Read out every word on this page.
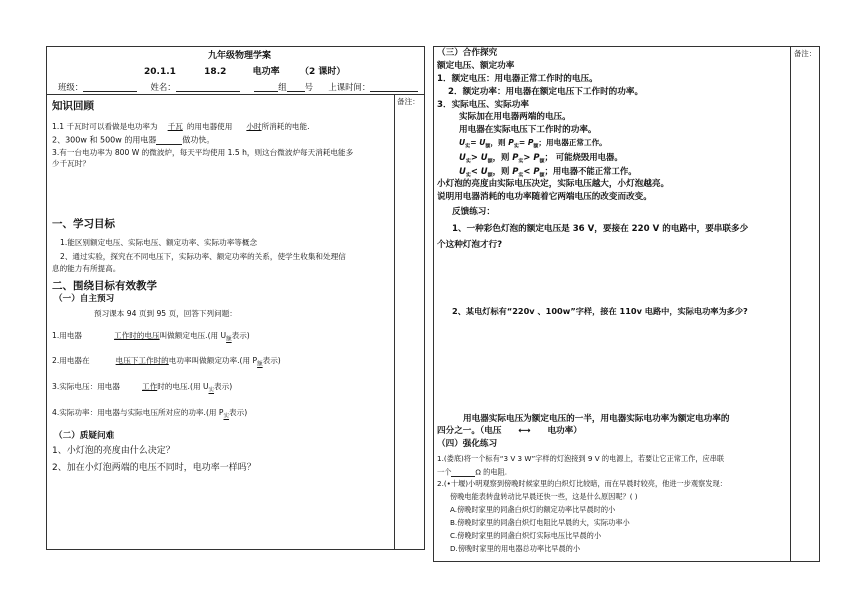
九年级物理学案
20.1.1	18.2	电功率 （2 课时）
班级：	姓名：	组 号 上课时间：
备注：
知识回顾
1.1 千瓦时可以看做是电功率为 千瓦 的用电器使用 小时所消耗的电能.
2、300w 和 500w 的用电器	做功快。
3.有一台电功率为 800 W 的微波炉，每天平均使用 1.5 h，则这台微波炉每天消耗电能多
少千瓦时？
一、学习目标
1.能区别额定电压、实际电压、额定功率、实际功率等概念
2、通过实验，探究在不同电压下，实际功率、额定功率的关系，使学生收集和处理信
息的能力有所提高。
二、围绕目标有效教学
（一）自主预习
预习课本 94 页到 95 页，回答下列问题：
1.用电器	工作时的电压叫做额定电压.(用 $U_额$表示)
2.用电器在	电压下工作时的电功率叫做额定功率.(用 $P_额$表示)
3.实际电压：用电器	工作时的电压.(用 $U_实$表示)
4.实际功率：用电器与实际电压所对应的功率.(用 $P_实$表示)
（二）质疑问难
1、小灯泡的亮度由什么决定？
2、加在小灯泡两端的电压不同时，电功率一样吗？
备注：
（三）合作探究
额定电压、额定功率
1．额定电压：用电器正常工作时的电压。
2．额定功率：用电器在额定电压下工作时的功率。
3．实际电压、实际功率
实际加在用电器两端的电压。
用电器在实际电压下工作时的功率。
$U_实= U_额$，则 $P_实= P_额$；用电器正常工作。
$U_实> U_额$，则 $P_实> P_额$； 可能烧毁用电器。
$U_实< U_额$，则 $P_实< P_额$；用电器不能正常工作。
小灯泡的亮度由实际电压决定，实际电压越大，小灯泡越亮。
说明用电器消耗的电功率随着它两端电压的改变而改变。
反馈练习：
1、一种彩色灯泡的额定电压是 36 V，要接在 220 V 的电路中，要串联多少
个这种灯泡才行?
2、某电灯标有“220v 、100w”字样，接在 110v 电路中，实际电功率为多少?
用电器实际电压为额定电压的一半，用电器实际电功率为额定电功率的
四分之一。（电压 ⟷ 电功率）
（四）强化练习
1.(娄底)将一个标有“3 V 3 W”字样的灯泡接到 9 V 的电源上，若要让它正常工作，应串联
一个	Ω 的电阻.
2.(•十堰)小明观察到傍晚时候家里的白炽灯比较暗，而在早晨时较亮，他进一步观察发现：
傍晚电能表转盘转动比早晨还快一些，这是什么原因呢？( )
A.傍晚时家里的同盏白炽灯的额定功率比早晨时的小
B.傍晚时家里的同盏白炽灯电阻比早晨的大，实际功率小
C.傍晚时家里的同盏白炽灯实际电压比早晨的小
D.傍晚时家里的用电器总功率比早晨的小
